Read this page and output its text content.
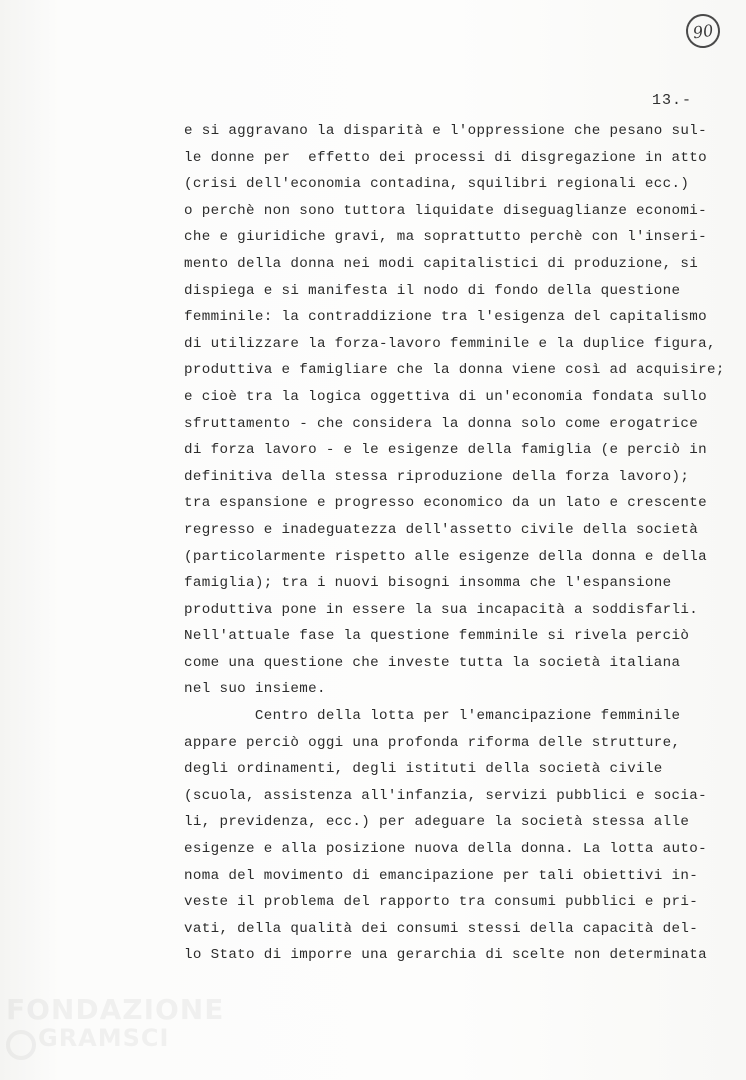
90
13.-
e si aggravano la disparità e l'oppressione che pesano sul-
le donne per  effetto dei processi di disgregazione in atto
(crisi dell'economia contadina, squilibri regionali ecc.)
o perchè non sono tuttora liquidate diseguaglianze economi-
che e giuridiche gravi, ma soprattutto perchè con l'inseri-
mento della donna nei modi capitalistici di produzione, si
dispiega e si manifesta il nodo di fondo della questione
femminile: la contraddizione tra l'esigenza del capitalismo
di utilizzare la forza-lavoro femminile e la duplice figura,
produttiva e famigliare che la donna viene così ad acquisire;
e cioè tra la logica oggettiva di un'economia fondata sullo
sfruttamento - che considera la donna solo come erogatrice
di forza lavoro - e le esigenze della famiglia (e perciò in
definitiva della stessa riproduzione della forza lavoro);
tra espansione e progresso economico da un lato e crescente
regresso e inadeguatezza dell'assetto civile della società
(particolarmente rispetto alle esigenze della donna e della
famiglia); tra i nuovi bisogni insomma che l'espansione
produttiva pone in essere la sua incapacità a soddisfarli.
Nell'attuale fase la questione femminile si rivela perciò
come una questione che investe tutta la società italiana
nel suo insieme.
Centro della lotta per l'emancipazione femminile
appare perciò oggi una profonda riforma delle strutture,
degli ordinamenti, degli istituti della società civile
(scuola, assistenza all'infanzia, servizi pubblici e socia-
li, previdenza, ecc.) per adeguare la società stessa alle
esigenze e alla posizione nuova della donna. La lotta auto-
noma del movimento di emancipazione per tali obiettivi in-
veste il problema del rapporto tra consumi pubblici e pri-
vati, della qualità dei consumi stessi della capacità del-
lo Stato di imporre una gerarchia di scelte non determinata
FONDAZIONE
GRAMSCI
